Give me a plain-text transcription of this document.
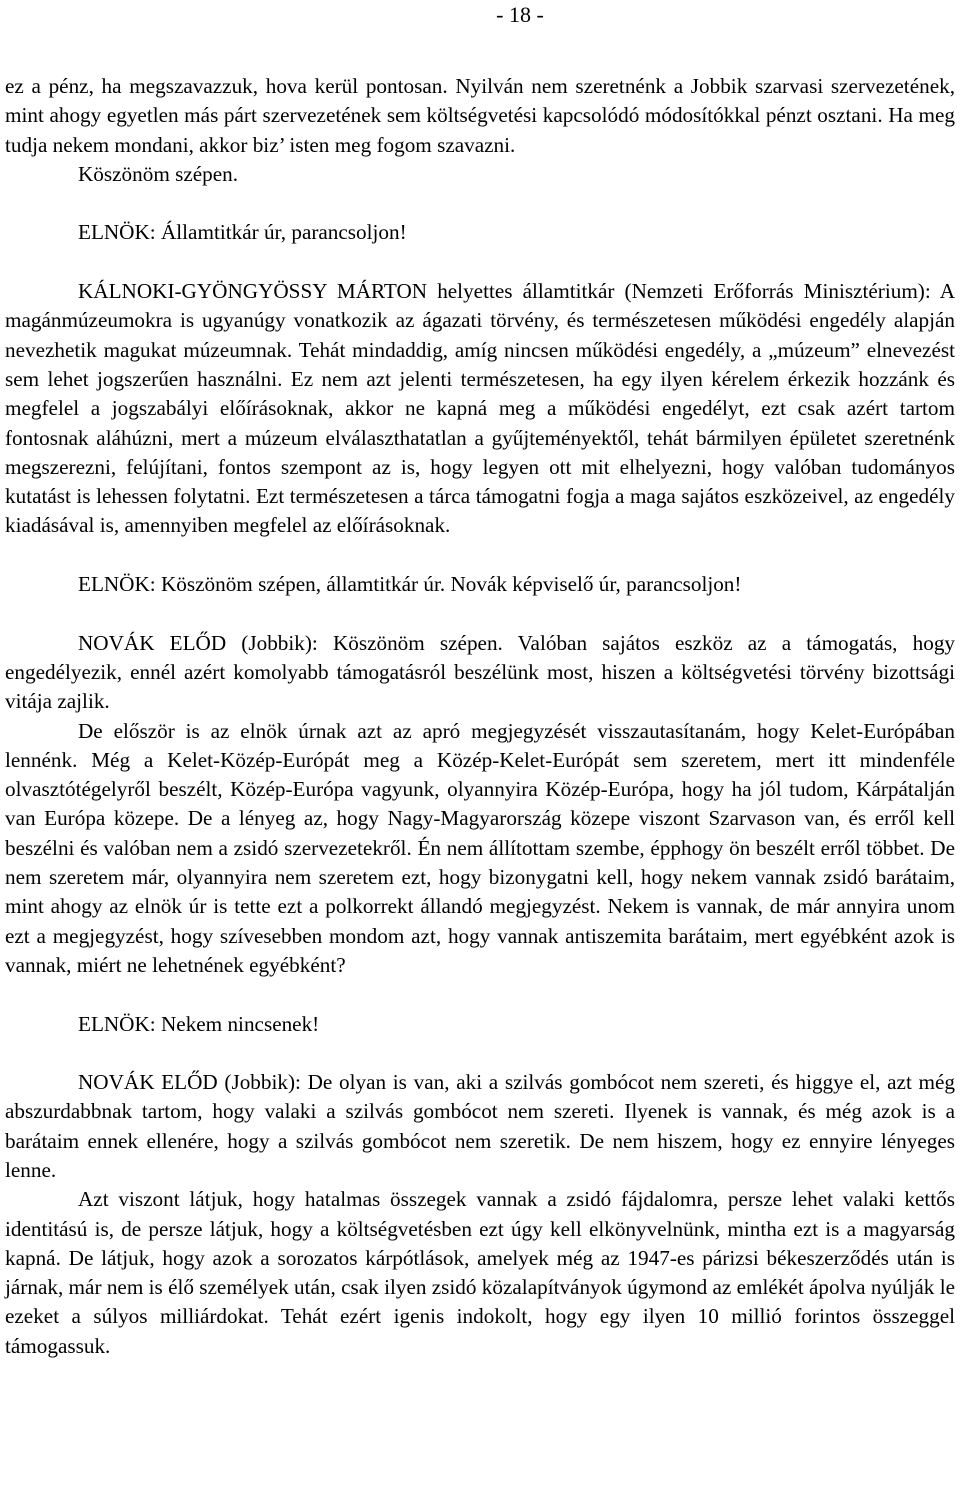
- 18 -

ez a pénz, ha megszavazzuk, hova kerül pontosan. Nyilván nem szeretnénk a Jobbik szarvasi szervezetének, mint ahogy egyetlen más párt szervezetének sem költségvetési kapcsolódó módosítókkal pénzt osztani. Ha meg tudja nekem mondani, akkor biz’ isten meg fogom szavazni.

Köszönöm szépen.

ELNÖK: Államtitkár úr, parancsoljon!

KÁLNOKI-GYÖNGYÖSSY MÁRTON helyettes államtitkár (Nemzeti Erőforrás Minisztérium): A magánmúzeumokra is ugyanúgy vonatkozik az ágazati törvény, és természetesen működési engedély alapján nevezhetik magukat múzeumnak. Tehát mindaddig, amíg nincsen működési engedély, a „múzeum” elnevezést sem lehet jogszerűen használni. Ez nem azt jelenti természetesen, ha egy ilyen kérelem érkezik hozzánk és megfelel a jogszabályi előírásoknak, akkor ne kapná meg a működési engedélyt, ezt csak azért tartom fontosnak aláhúzni, mert a múzeum elválaszthatatlan a gyűjteményektől, tehát bármilyen épületet szeretnénk megszerezni, felújítani, fontos szempont az is, hogy legyen ott mit elhelyezni, hogy valóban tudományos kutatást is lehessen folytatni. Ezt természetesen a tárca támogatni fogja a maga sajátos eszközeivel, az engedély kiadásával is, amennyiben megfelel az előírásoknak.

ELNÖK: Köszönöm szépen, államtitkár úr. Novák képviselő úr, parancsoljon!

NOVÁK ELŐD (Jobbik): Köszönöm szépen. Valóban sajátos eszköz az a támogatás, hogy engedélyezik, ennél azért komolyabb támogatásról beszélünk most, hiszen a költségvetési törvény bizottsági vitája zajlik.

De először is az elnök úrnak azt az apró megjegyzését visszautasítanám, hogy Kelet-Európában lennénk. Még a Kelet-Közép-Európát meg a Közép-Kelet-Európát sem szeretem, mert itt mindenféle olvasztótégelyről beszélt, Közép-Európa vagyunk, olyannyira Közép-Európa, hogy ha jól tudom, Kárpátalján van Európa közepe. De a lényeg az, hogy Nagy-Magyarország közepe viszont Szarvason van, és erről kell beszélni és valóban nem a zsidó szervezetekről. Én nem állítottam szembe, épphogy ön beszélt erről többet. De nem szeretem már, olyannyira nem szeretem ezt, hogy bizonygatni kell, hogy nekem vannak zsidó barátaim, mint ahogy az elnök úr is tette ezt a polkorrekt állandó megjegyzést. Nekem is vannak, de már annyira unom ezt a megjegyzést, hogy szívesebben mondom azt, hogy vannak antiszemita barátaim, mert egyébként azok is vannak, miért ne lehetnének egyébként?

ELNÖK: Nekem nincsenek!

NOVÁK ELŐD (Jobbik): De olyan is van, aki a szilvás gombócot nem szereti, és higgye el, azt még abszurdabbnak tartom, hogy valaki a szilvás gombócot nem szereti. Ilyenek is vannak, és még azok is a barátaim ennek ellenére, hogy a szilvás gombócot nem szeretik. De nem hiszem, hogy ez ennyire lényeges lenne.

Azt viszont látjuk, hogy hatalmas összegek vannak a zsidó fájdalomra, persze lehet valaki kettős identitású is, de persze látjuk, hogy a költségvetésben ezt úgy kell elkönyvelnünk, mintha ezt is a magyarság kapná. De látjuk, hogy azok a sorozatos kárpótlások, amelyek még az 1947-es párizsi békeszerződés után is járnak, már nem is élő személyek után, csak ilyen zsidó közalapítványok úgymond az emlékét ápolva nyúlják le ezeket a súlyos milliárdokat. Tehát ezért igenis indokolt, hogy egy ilyen 10 millió forintos összeggel támogassuk.
